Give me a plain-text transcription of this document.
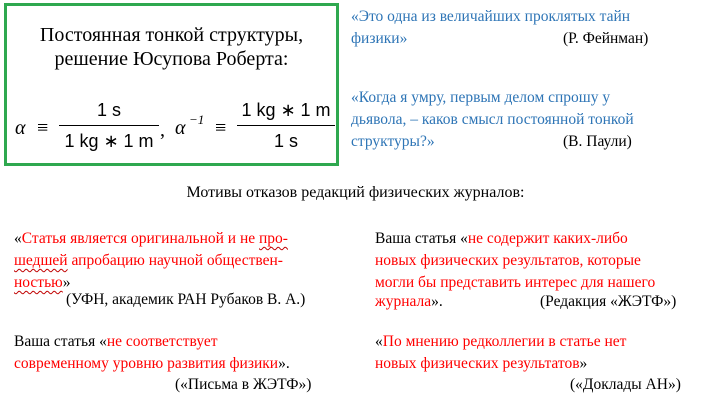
Постоянная тонкой структуры,
решение Юсупова Роберта:
α ≡
1 s
1 kg ∗ 1 m , α −1 ≡
1 kg ∗ 1 m
1 s
«Это одна из величайших проклятых тайн
физики»	(Р. Фейнман)
«Когда я умру, первым делом спрошу у
дьявола, – каков смысл постоянной тонкой
структуры?»	(В. Паули)
Мотивы отказов редакций физических журналов:
«Статья является оригинальной и не про-
шедшей апробацию научной обществен-
ностью»
(УФН, академик РАН Рубаков В. А.)
Ваша статья «не содержит каких-либо
новых физических результатов, которые
могли бы представить интерес для нашего
журнала».	(Редакция «ЖЭТФ»)
Ваша статья «не соответствует
современному уровню развития физики».
(«Письма в ЖЭТФ»)
«По мнению редколлегии в статье нет
новых физических результатов»
(«Доклады АН»)
